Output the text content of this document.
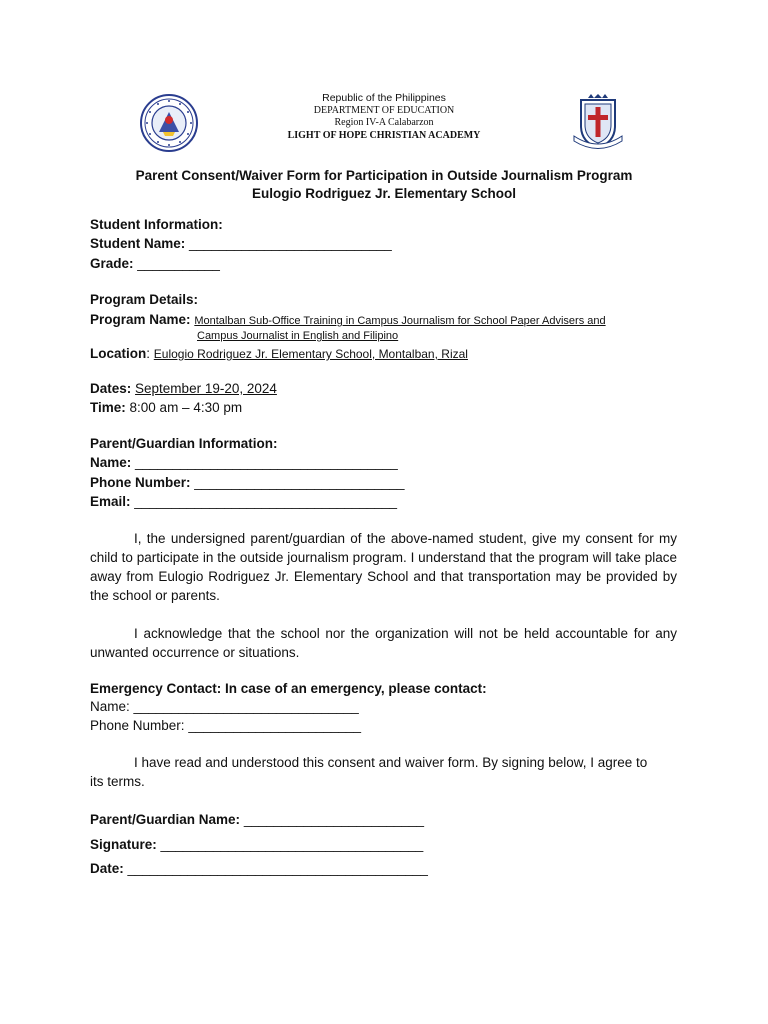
Republic of the Philippines
DEPARTMENT OF EDUCATION
Region IV-A Calabarzon
LIGHT OF HOPE CHRISTIAN ACADEMY
Parent Consent/Waiver Form for Participation in Outside Journalism Program
Eulogio Rodriguez Jr. Elementary School
Student Information:
Student Name: ___________________________
Grade: ___________
Program Details:
Program Name: Montalban Sub-Office Training in Campus Journalism for School Paper Advisers and
Campus Journalist in English and Filipino
Location: Eulogio Rodriguez Jr. Elementary School, Montalban, Rizal
Dates: September 19-20, 2024
Time: 8:00 am – 4:30 pm
Parent/Guardian Information:
Name: ___________________________________
Phone Number: ____________________________
Email: ___________________________________
I, the undersigned parent/guardian of the above-named student, give my consent for my child to participate in the outside journalism program. I understand that the program will take place away from Eulogio Rodriguez Jr. Elementary School and that transportation may be provided by the school or parents.
I acknowledge that the school nor the organization will not be held accountable for any unwanted occurrence or situations.
Emergency Contact: In case of an emergency, please contact:
Name: ______________________________
Phone Number: _______________________
I have read and understood this consent and waiver form. By signing below, I agree to its terms.
Parent/Guardian Name: ________________________
Signature: ___________________________________
Date: ________________________________________
